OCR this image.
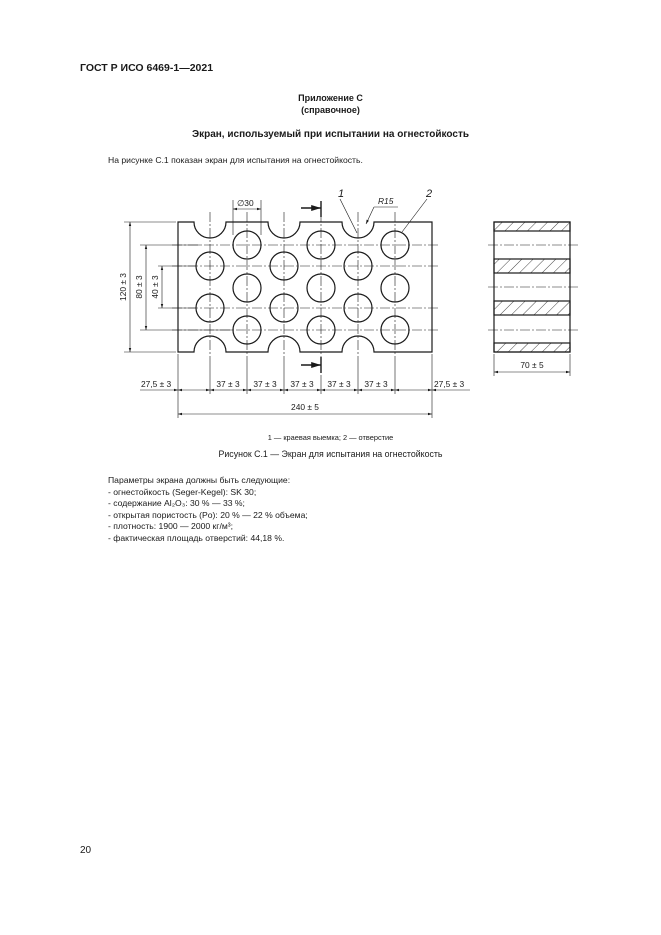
ГОСТ Р ИСО 6469-1—2021
Приложение С
(справочное)
Экран, используемый при испытании на огнестойкость
На рисунке С.1 показан экран для испытания на огнестойкость.
∅30
1
R15
2
120 ± 3 80 ± 3 40 ± 3
27,5 ± 3	37 ± 3 37 ± 3 37 ± 3 37 ± 3 37 ± 3	27,5 ± 3
240 ± 5
70 ± 5
1 — краевая выемка; 2 — отверстие
Рисунок С.1 — Экран для испытания на огнестойкость
Параметры экрана должны быть следующие:
- огнестойкость (Seger-Kegel): SK 30;
- содержание Al₂O₃: 30 % — 33 %;
- открытая пористость (Po): 20 % — 22 % объема;
- плотность: 1900 — 2000 кг/м³;
- фактическая площадь отверстий: 44,18 %.
20
